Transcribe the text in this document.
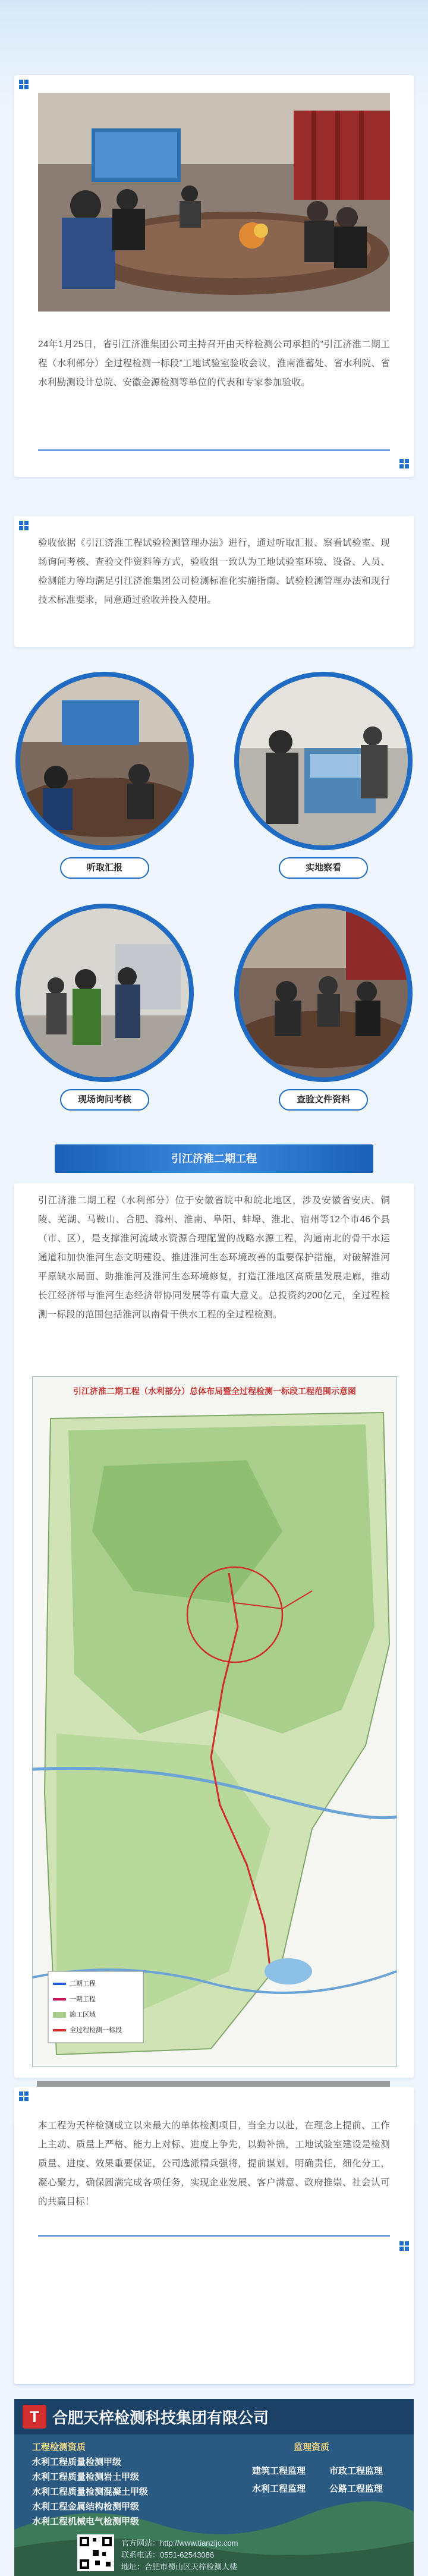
24年1月25日，省引江济淮集团公司主持召开由天梓检测公司承担的“引江济淮二期工程（水利部分）全过程检测一标段”工地试验室验收会议，淮南淮蓄处、省水利院、省水利勘测设计总院、安徽金源检测等单位的代表和专家参加验收。
验收依据《引江济淮工程试验检测管理办法》进行，通过听取汇报、察看试验室、现场询问考核、查验文件资料等方式，验收组一致认为工地试验室环境、设备、人员、检测能力等均满足引江济淮集团公司检测标准化实施指南、试验检测管理办法和现行技术标准要求，同意通过验收并投入使用。
听取汇报	实地察看
现场询问考核	查验文件资料
引江济淮二期工程
引江济淮二期工程（水利部分）位于安徽省皖中和皖北地区，涉及安徽省安庆、铜陵、芜湖、马鞍山、合肥、滁州、淮南、阜阳、蚌埠、淮北、宿州等12个市46个县（市、区），是支撑淮河流域水资源合理配置的战略水源工程，沟通南北的骨干水运通道和加快淮河生态文明建设、推进淮河生态环境改善的重要保护措施，对破解淮河平原缺水局面、助推淮河及淮河生态环境修复，打造江淮地区高质量发展走廊，推动长江经济带与淮河生态经济带协同发展等有重大意义。总投资约200亿元，全过程检测一标段的范围包括淮河以南骨干供水工程的全过程检测。
引江济淮二期工程（水利部分）总体布局暨全过程检测一标段工程范围示意图
二期工程
一期工程
施工区域
全过程检测一标段
本工程为天梓检测成立以来最大的单体检测项目，当全力以赴，在理念上提前、工作上主动、质量上严格、能力上对标、进度上争先，以勤补拙，工地试验室建设是检测质量、进度、效果重要保证，公司选派精兵强将，提前谋划，明确责任，细化分工，凝心聚力，确保圆满完成各项任务，实现企业发展、客户满意、政府推崇、社会认可的共赢目标！
T 合肥天梓检测科技集团有限公司
工程检测资质
水利工程质量检测甲级
水利工程质量检测岩土甲级
水利工程质量检测混凝土甲级
水利工程金属结构检测甲级
水利工程机械电气检测甲级
监理资质
建筑工程监理	市政工程监理
水利工程监理	公路工程监理
官方网站：http://www.tianzijc.com
联系电话：0551-62543086
地址：合肥市蜀山区天梓检测大楼
